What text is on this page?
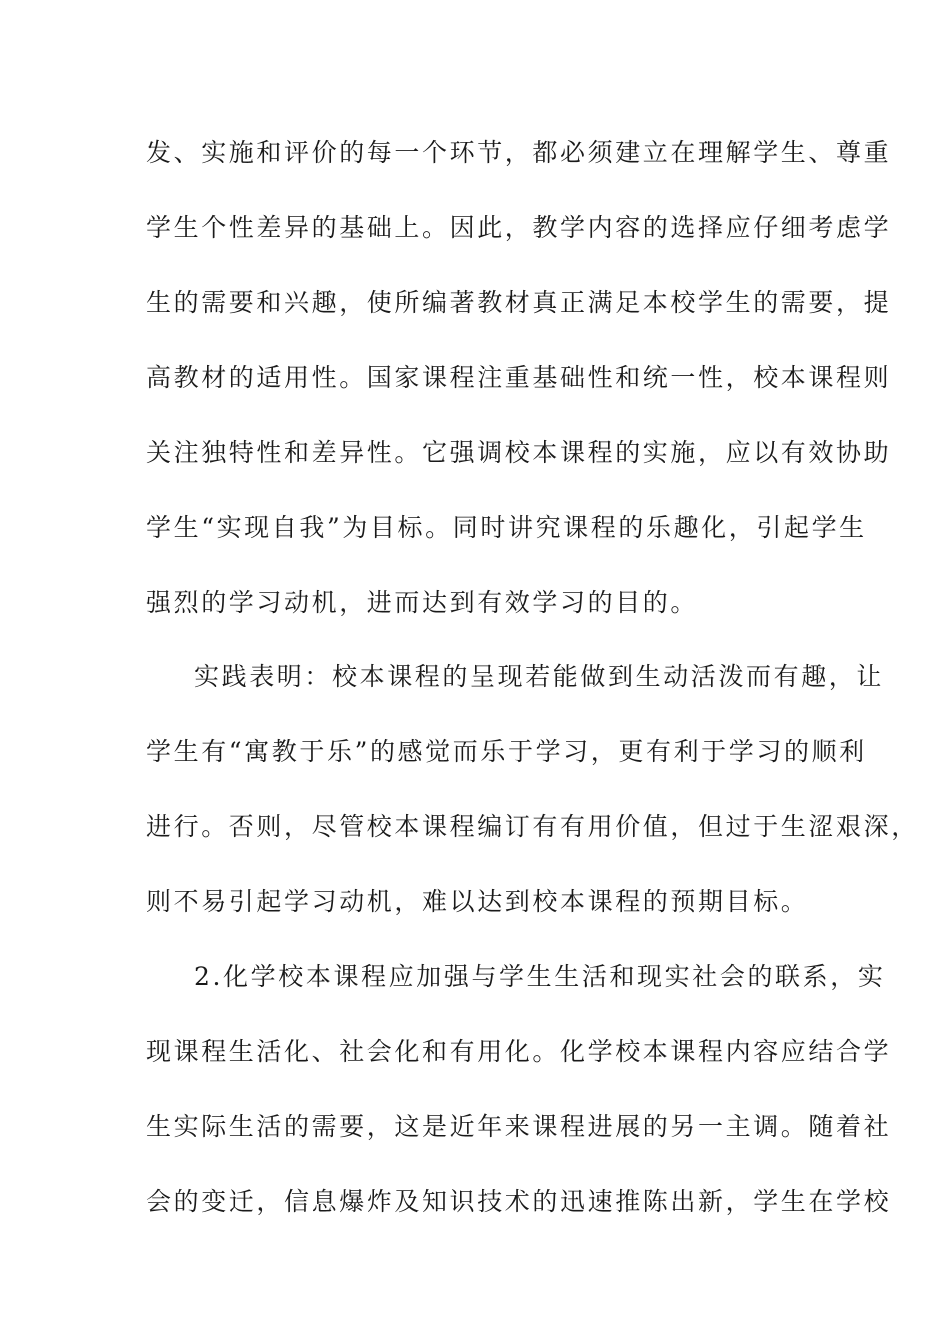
发、实施和评价的每一个环节，都必须建立在理解学生、尊重
学生个性差异的基础上。因此，教学内容的选择应仔细考虑学
生的需要和兴趣，使所编著教材真正满足本校学生的需要，提
高教材的适用性。国家课程注重基础性和统一性，校本课程则
关注独特性和差异性。它强调校本课程的实施，应以有效协助
学生“实现自我”为目标。同时讲究课程的乐趣化，引起学生
强烈的学习动机，进而达到有效学习的目的。
实践表明：校本课程的呈现若能做到生动活泼而有趣，让
学生有“寓教于乐”的感觉而乐于学习，更有利于学习的顺利
进行。否则，尽管校本课程编订有有用价值，但过于生涩艰深，
则不易引起学习动机，难以达到校本课程的预期目标。
2.化学校本课程应加强与学生生活和现实社会的联系，实
现课程生活化、社会化和有用化。化学校本课程内容应结合学
生实际生活的需要，这是近年来课程进展的另一主调。随着社
会的变迁，信息爆炸及知识技术的迅速推陈出新，学生在学校
